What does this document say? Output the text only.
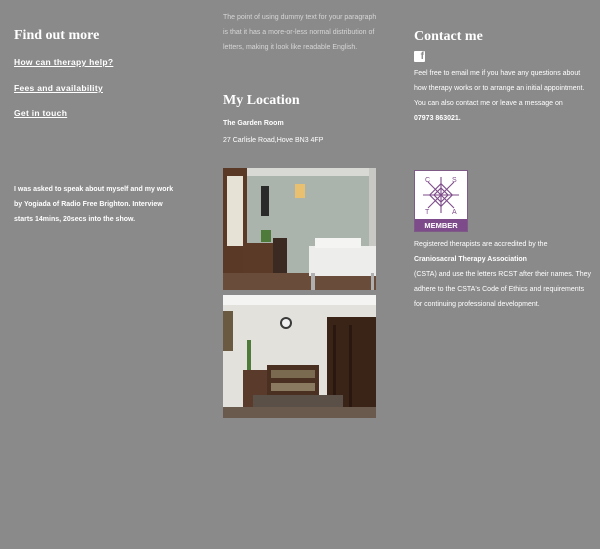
Find out more
How can therapy help?
Fees and availability
Get in touch

I was asked to speak about myself and my work by Yogiada of Radio Free Brighton. Interview starts 14mins, 20secs into the show.

The point of using dummy text for your paragraph is that it has a more-or-less normal distribution of letters, making it look like readable English.

My Location
The Garden Room
27 Carlisle Road,Hove BN3 4FP
Contact me

Feel free to email me if you have any questions about how therapy works or to arrange an initial appointment. You can also contact me or leave a message on
07973 863021.

Registered therapists are accredited by the
Craniosacral Therapy Association
(CSTA) and use the letters RCST after their names. They adhere to the CSTA's Code of Ethics and requirements for continuing professional development.

f
C	S
T	A
MEMBER
